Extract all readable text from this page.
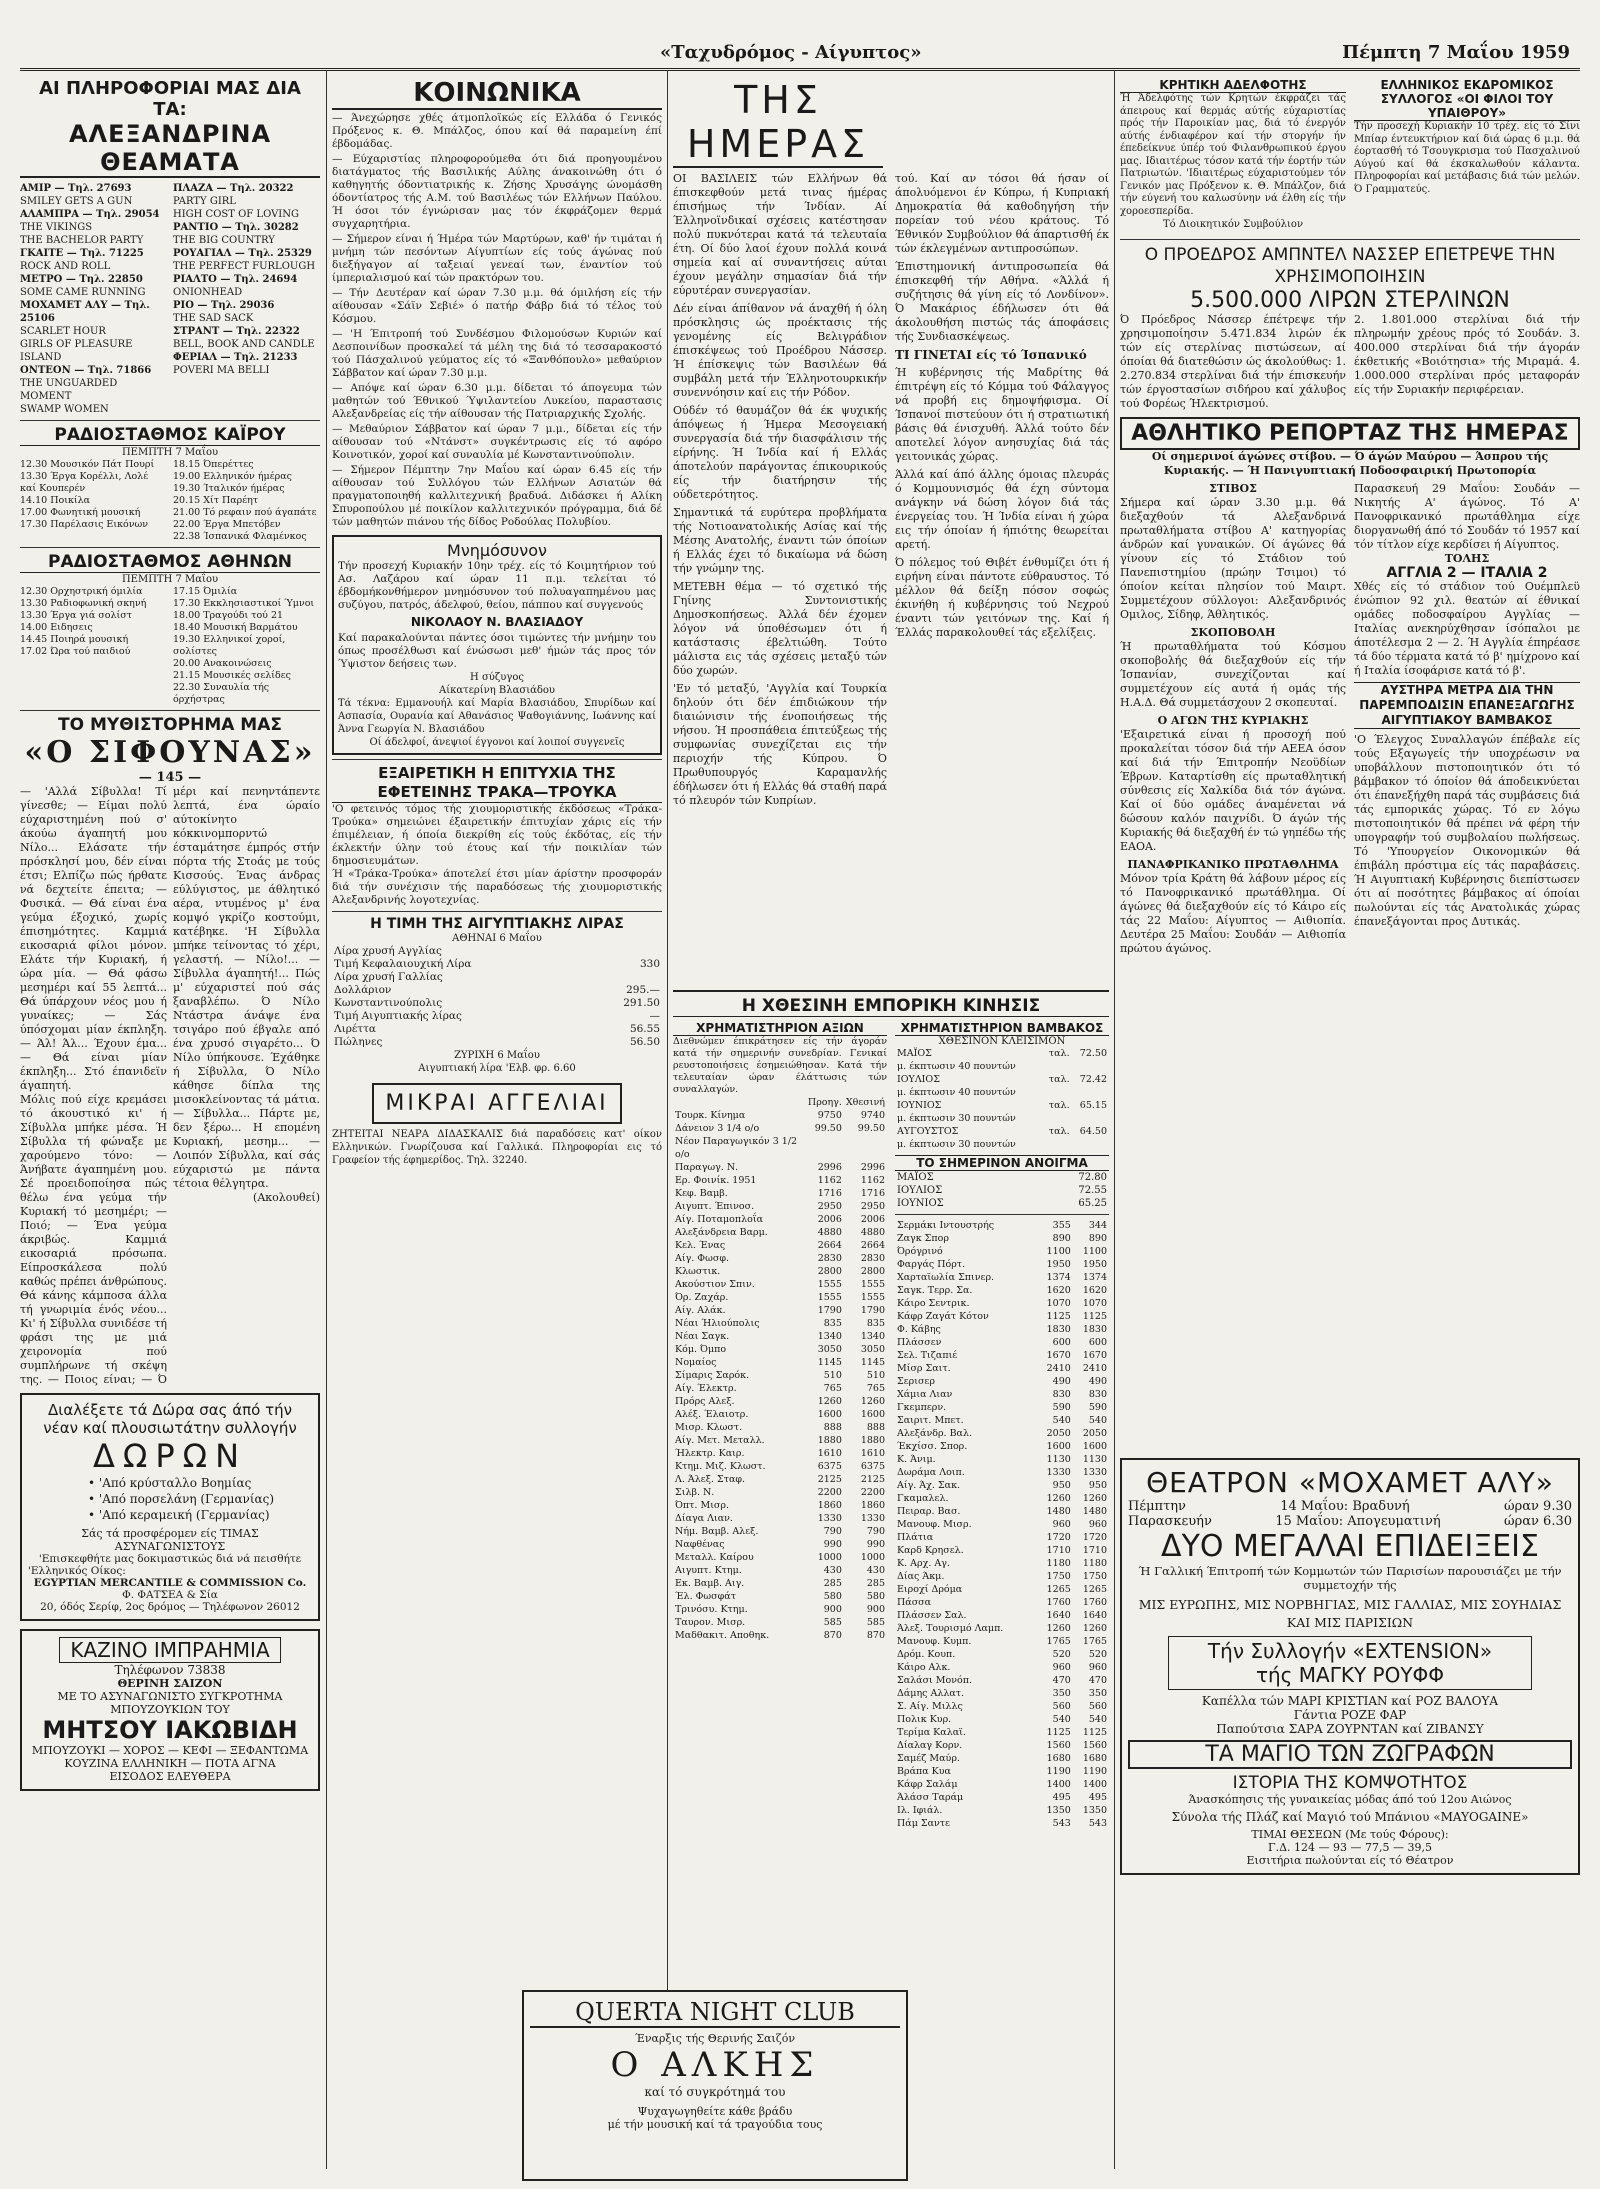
«Ταχυδρόμος - Αίγυπτος»	Πέμπτη 7 Μαΐου 1959
ΑΙ ΠΛΗΡΟΦΟΡΙΑΙ ΜΑΣ ΔΙΑ ΤΑ:
ΑΛΕΞΑΝΔΡΙΝΑ ΘΕΑΜΑΤΑ
ΑΜΙΡ — Τηλ. 27693
SMILEY GETS A GUN
ΑΛΑΜΠΡΑ — Τηλ. 29054
THE VIKINGS
THE BACHELOR PARTY
ΓΚΑΙΤΕ — Τηλ. 71225
ROCK AND ROLL
ΜΕΤΡΟ — Τηλ. 22850
SOME CAME RUNNING
ΜΟΧΑΜΕΤ ΑΛΥ — Τηλ. 25106
SCARLET HOUR
GIRLS OF PLEASURE ISLAND
ΟΝΤΕΟΝ — Τηλ. 71866
THE UNGUARDED MOMENT
SWAMP WOMEN
ΠΛΑΖΑ — Τηλ. 20322
PARTY GIRL
HIGH COST OF LOVING
ΡΑΝΤΙΟ — Τηλ. 30282
THE BIG COUNTRY
ΡΟΥΑΓΙΑΛ — Τηλ. 25329
THE PERFECT FURLOUGH
ΡΙΑΛΤΟ — Τηλ. 24694
ONIONHEAD
ΡΙΟ — Τηλ. 29036
THE SAD SACK
ΣΤΡΑΝΤ — Τηλ. 22322
BELL, BOOK AND CANDLE
ΦΕΡΙΑΛ — Τηλ. 21233
POVERI MA BELLI
ΡΑΔΙΟΣΤΑΘΜΟΣ ΚΑΪΡΟΥ
ΠΕΜΠΤΗ 7 Μαΐου
12.30 Μουσικόν Πάτ Πουρί
13.30 Έργα Κορέλλι, Λολέ καί Κουπερέν
14.10 Ποικίλα
17.00 Φωνητική μουσική
17.30 Παρέλασις Εικόνων
18.15 Όπερέττες
19.00 Ελληνικόν ήμέρας
19.30 Ίταλικόν ήμέρας
20.15 Χίτ Παρέητ
21.00 Τό ρεφαιν πού άγαπάτε
22.00 Έργα Μπετόβεν
22.38 Ίσπανικά Φλαμένκος
ΡΑΔΙΟΣΤΑΘΜΟΣ ΑΘΗΝΩΝ
ΠΕΜΠΤΗ 7 Μαΐου
12.30 Ορχηστρική όμιλία
13.30 Ραδιοφωνική σκηνή
13.30 Έργα γιά σολίστ
14.00 Ειδησεις
14.45 Ποιηρά μουσική
17.02 Ώρα τού παιδιού
17.15 Όμιλία
17.30 Εκκλησιαστικοί Ύμνοι
18.00 Τραγούδι τού 21
18.40 Μουσική Βαρμάτου
19.30 Ελληνικοί χοροί, σολίστες
20.00 Ανακοινώσεις
21.15 Μουσικές σελίδες
22.30 Συναυλία τής όρχήστρας
ΤΟ ΜΥΘΙΣΤΟΡΗΜΑ ΜΑΣ
«Ο ΣΙΦΟΥΝΑΣ»
— 145 —

— 'Αλλά Σίβυλλα! Τί γίνεσθε; — Είμαι πολύ εύχαριστημένη πού σ' άκούω άγαπητή μου Νίλο... Ελάσατε τήν πρόσκλησί μου, δέν είναι έτσι; Ελπίζω πώς ήρθατε νά δεχτείτε έπειτα; — Φυσικά. — Θά είναι ένα γεύμα έξοχικό, χωρίς έπισημότητες. Καμμιά εικοσαριά φίλοι μόνον. Ελάτε τήν Κυριακή, ή ώρα μία. — Θά φάσω μεσημέρι καί 55 λεπτά... Θά ύπάρχουν νέος μου ή γυναίκες; — Σάς ύπόσχομαι μίαν έκπληξη. — Άλ! Άλ... Έχουν έμα... — Θά είναι μίαν έκπληξη... Στό έπανιδεϊν άγαπητή.

Μόλις πού είχε κρεμάσει τό άκουστικό κι' ή Σίβυλλα μπήκε μέσα. Ή Σίβυλλα τή φώναξε με χαρούμενο τόνο: — Άνήβατε άγαπημένη μου. Σέ προειδοποίησα πώς θέλω ένα γεύμα τήν Κυριακή τό μεσημέρι; — Ποιό; — Ένα γεύμα άκριβώς. Καμμιά εικοσαριά πρόσωπα. Είπροσκάλεσα πολύ καθώς πρέπει άνθρώπους. Θά κάνης κάμποσα άλλα τή γνωριμία ένός νέου... Κι' ή Σίβυλλα συνιδέσε τή φράσι της με μιά χειρονομία πού συμπλήρωνε τή σκέψη της. — Ποιος είναι; — Ό

μέρι καί πενηντάπεντε λεπτά, ένα ώραίο αύτοκίνητο κόκκινομπορντώ έσταμάτησε έμπρός στήν πόρτα τής Στοάς με τούς Κισσούς. Ένας άνδρας εύλύγιστος, με άθλητικό αέρα, ντυμένος μ' ένα κομψό γκρίζο κοστούμι, κατέβηκε. 'Η Σίβυλλα μπήκε τείνοντας τό χέρι, γελαστή. — Νίλο!... — Σίβυλλα άγαπητή!... Πώς μ' εύχαριστεί πού σάς ξαναβλέπω. Ό Νίλο Ντάστρα άνάψε ένα τσιγάρο πού έβγαλε από ένα χρυσό σιγαρέτο... Ό Νίλο ύπήκουσε. Έχάθηκε ή Σίβυλλα, Ό Νίλο κάθησε δίπλα της μισοκλείνοντας τά μάτια. — Σίβυλλα... Πάρτε με, δεν ξέρω... Η επομένη Κυριακή, μεσημ... — Λοιπόν Σίβυλλα, καί σάς εύχαριστώ με πάντα τέτοια θέλγητρα.

(Ακολουθεί)

Διαλέξετε τά Δώρα σας άπό τήν
νέαν καί πλουσιωτάτην συλλογήν
ΔΩΡΩΝ
• 'Από κρύσταλλο Βοημίας
• 'Από πορσελάνη (Γερμανίας)
• 'Από κεραμεική (Γερμανίας)
Σάς τά προσφέρομεν είς ΤΙΜΑΣ ΑΣΥΝΑΓΩΝΙΣΤΟΥΣ
'Επισκεφθήτε μας δοκιμαστικώς διά νά πεισθήτε
'Ελληνικός Οίκος:
EGYPTIAN MERCANTILE & COMMISSION Co.
Φ. ΦΑΤΣΕΑ & Σία
20, όδός Σερίφ, 2ος δρόμος — Τηλέφωνον 26012
ΚΑΖΙΝΟ ΙΜΠΡΑΗΜΙΑ
Τηλέφωνον 73838
ΘΕΡΙΝΗ ΣΑΙΖΟΝ
ΜΕ ΤΟ ΑΣΥΝΑΓΩΝΙΣΤΟ ΣΥΓΚΡΟΤΗΜΑ ΜΠΟΥΖΟΥΚΙΩΝ ΤΟΥ
ΜΗΤΣΟΥ ΙΑΚΩΒΙΔΗ
ΜΠΟΥΖΟΥΚΙ — ΧΟΡΟΣ — ΚΕΦΙ — ΞΕΦΑΝΤΩΜΑ
ΚΟΥΖΙΝΑ ΕΛΛΗΝΙΚΗ — ΠΟΤΑ ΑΓΝΑ
ΕΙΣΟΔΟΣ ΕΛΕΥΘΕΡΑ
ΚΟΙΝΩΝΙΚΑ

— Άνεχώρησε χθές άτμοπλοϊκώς είς Ελλάδα ό Γενικός Πρόξενος κ. Θ. Μπάλζος, όπου καί θά παραμείνη έπί έβδομάδας.

— Εύχαριστίας πληροφορούμεθα ότι διά προηγουμένου διατάγματος τής Βασιλικής Αύλης άνακοινώθη ότι ό καθηγητής όδοντιατρικής κ. Ζήσης Χρυσάγης ώνομάσθη όδοντίατρος τής Α.Μ. τού Βασιλέως τών Ελλήνων Παύλου. Ή όσοι τόν έγνώρισαν μας τόν έκφράζομεν θερμά συγχαρητήρια.

— Σήμερον είναι ή Ήμέρα τών Μαρτύρων, καθ' ήν τιμάται ή μνήμη τών πεσόντων Αίγυπτίων είς τούς άγώνας πού διεξήγαγον αί ταξειαί γενεαί των, έναντίον τού ίμπεριαλισμού καί τών πρακτόρων του.

— Τήν Δευτέραν καί ώραν 7.30 μ.μ. θά όμιλήση είς τήν αίθουσαν «Σάϊν Σεβιέ» ό πατήρ Φάβρ διά τό τέλος τού Κόσμου.

— 'Η Έπιτροπή τού Συνδέσμου Φιλομούσων Κυριών καί Δεσποινίδων προσκαλεί τά μέλη της διά τό τεσσαρακοστό τού Πάσχαλινού γεύματος είς τό «Ξανθόπουλο» μεθαύριον Σάββατον καί ώραν 7.30 μ.μ.

— Απόψε καί ώραν 6.30 μ.μ. δίδεται τό άπογευμα τών μαθητών τού Έθνικού Ύψιλαντείου Λυκείου, παραστασις Αλεξανδρείας είς τήν αίθουσαν τής Πατριαρχικής Σχολής.

— Μεθαύριον Σάββατον καί ώραν 7 μ.μ., δίδεται είς τήν αίθουσαν τού «Ντάνστ» συγκέντρωσις είς τό αφόρο Κοινοτικόν, χοροί καί συναυλία μέ Κωνσταντινούπολιν.

— Σήμερον Πέμπτην 7ην Μαΐου καί ώραν 6.45 είς τήν αίθουσαν τού Συλλόγου τών Ελλήνων Ασιατών θά πραγματοποιηθή καλλιτεχνική βραδυά. Διδάσκει ή Αλίκη Σπυροπούλου μέ ποικίλον καλλιτεχνικόν πρόγραμμα, διά δέ τών μαθητών πιάνου τής δίδος Ροδούλας Πολυβίου.

Μνημόσυνον
Τήν προσεχή Κυριακήν 10ην τρέχ. είς τό Κοιμητήριον τού Ασ. Λαζάρου καί ώραν 11 π.μ. τελείται τό έβδομήκονθήμερον μνημόσυνον τού πολυαγαπημένου μας συζύγου, πατρός, άδελφού, θείου, πάππου καί συγγενούς
ΝΙΚΟΛΑΟΥ Ν. ΒΛΑΣΙΑΔΟΥ
Καί παρακαλούνται πάντες όσοι τιμώντες τήν μνήμην του όπως προσέλθωσι καί ένώσωσι μεθ' ήμών τάς προς τόν Ύψιστον δεήσεις των.
Η σύζυγος
Αίκατερίνη Βλασιάδου
Τά τέκνα: Εμμανουήλ καί Μαρία Βλασιάδου, Σπυρίδων καί Ασπασία, Ουρανία καί Αθανάσιος Ψαθογιάννης, Ιωάννης καί Άννα Γεωργία Ν. Βλασιάδου
Οί άδελφοί, άνεψιοί έγγονοι καί λοιποί συγγενεῖς
ΕΞΑΙΡΕΤΙΚΗ Η ΕΠΙΤΥΧΙΑ ΤΗΣ ΕΦΕΤΕΙΝΗΣ ΤΡΑΚΑ—ΤΡΟΥΚΑ
'Ο φετεινός τόμος τής χιουμοριστικής έκδόσεως «Τράκα-Τρούκα» σημειώνει έξαιρετικήν έπιτυχίαν χάρις είς τήν έπιμέλειαν, ή όποία διεκρίθη είς τούς έκδότας, είς τήν έκλεκτήν ύλην τού έτους καί τήν ποικιλίαν τών δημοσιευμάτων.
Ή «Τράκα-Τρούκα» άποτελεί έτσι μίαν άρίστην προσφοράν διά τήν συνέχισιν τής παραδόσεως τής χιουμοριστικής Αλεξανδρινής λογοτεχνίας.
Η ΤΙΜΗ ΤΗΣ ΑΙΓΥΠΤΙΑΚΗΣ ΛΙΡΑΣ
ΑΘΗΝΑΙ 6 Μαΐου
Λίρα χρυσή Αγγλίας	
Τιμή Κεφαλαιουχική Λίρα	330
Λίρα χρυσή Γαλλίας	
Δολλάριον	295.—
Κωνσταντινούπολις	291.50
Τιμή Αιγυπτιακής λίρας	—
Λιρέττα	56.55
Πώληνες	56.50
ΖΥΡΙΧΗ 6 Μαΐου
Αιγυπτιακή λίρα 'Ελβ. φρ. 6.60
ΜΙΚΡΑΙ ΑΓΓΕΛΙΑΙ
ΖΗΤΕΙΤΑΙ ΝΕΑΡΑ ΔΙΔΑΣΚΑΛΙΣ διά παραδόσεις κατ' οίκον Ελληνικών. Γνωρίζουσα καί Γαλλικά. Πληροφορίαι εις τό Γραφείον τής έφημερίδος. Τηλ. 32240.
ΤΗΣ ΗΜΕΡΑΣ

ΟΙ ΒΑΣΙΛΕΙΣ τών Ελλήνων θά έπισκεφθούν μετά τινας ήμέρας έπισήμως τήν Ίνδίαν. Αί Έλληνοϊνδικαί σχέσεις κατέστησαν πολύ πυκνότεραι κατά τά τελευταία έτη. Οί δύο λαοί έχουν πολλά κοινά σημεία καί αί συναντήσεις αύται έχουν μεγάλην σημασίαν διά τήν εύρυτέραν συνεργασίαν.

Δέν είναι άπίθανον νά άναχθή ή όλη πρόσκλησις ώς προέκτασις τής γενομένης είς Βελιγράδιον έπισκέψεως τού Προέδρου Νάσσερ. Ή έπίσκεψις τών Βασιλέων θά συμβάλη μετά τήν Έλληνοτουρκικήν συνεννόησιν καί εις τήν Ρόδον.

Ούδέν τό θαυμάζον θά έκ ψυχικής άπόψεως ή Ήμερα Μεσογειακή συνεργασία διά τήν διασφάλισιν τής είρήνης. Ή Ίνδία καί ή Ελλάς άποτελούν παράγοντας έπικουρικούς είς τήν διατήρησιν τής ούδετερότητος.

Σημαντικά τά ευρύτερα προβλήματα τής Νοτιοανατολικής Ασίας καί τής Μέσης Ανατολής, έναντι τών όποίων ή Ελλάς έχει τό δικαίωμα νά δώση τήν γνώμην της.

ΜΕΤΕΒΗ θέμα — τό σχετικό τής Γηίνης Συντονιστικής Δημοσκοπήσεως. Άλλά δέν έχομεν λόγον νά ύποθέσωμεν ότι ή κατάστασις έβελτιώθη. Τούτο μάλιστα εις τάς σχέσεις μεταξύ τών δύο χωρών.

'Εν τό μεταξύ, 'Αγγλία καί Τουρκία δηλούν ότι δέν έπιδιώκουν τήν διαιώνισιν τής ένοποιήσεως τής νήσου. Ή προσπάθεια έπιτεύξεως τής συμφωνίας συνεχίζεται εις τήν περιοχήν τής Κύπρου. Ό Πρωθυπουργός Καραμανλής έδήλωσεν ότι ή Ελλάς θά σταθή παρά τό πλευρόν τών Κυπρίων.

τού. Καί αν τόσοι θά ήσαν οί άπολυόμενοι έν Κύπρω, ή Κυπριακή Δημοκρατία θά καθοδηγήση τήν πορείαν τού νέου κράτους. Τό Έθνικόν Συμβούλιον θά άπαρτισθή έκ τών έκλεγμένων αντιπροσώπων.

Έπιστημονική άντιπροσωπεία θά έπισκεφθή τήν Αθήνα. «Άλλά ή συζήτησις θά γίνη είς τό Λονδίνον». Ό Μακάριος έδήλωσεν ότι θά άκολουθήση πιστώς τάς άποφάσεις τής Συνδιασκέψεως.

ΤΙ ΓΙΝΕΤΑΙ είς τό Ίσπανικό

Ή κυβέρνησις τής Μαδρίτης θά έπιτρέψη είς τό Κόμμα τού Φάλαγγος νά προβή εις δημοψήφισμα. Οί Ίσπανοί πιστεύουν ότι ή στρατιωτική βάσις θά ένισχυθή. Άλλά τούτο δέν αποτελεί λόγον ανησυχίας διά τάς γειτονικάς χώρας.

Άλλά καί άπό άλλης όμοιας πλευράς ό Κομμουνισμός θά έχη σύντομα ανάγκην νά δώση λόγον διά τάς ένεργείας του. Ή Ίνδία είναι ή χώρα εις τήν όποίαν ή ήπιότης θεωρείται αρετή.

Ό πόλεμος τού Θιβέτ ένθυμίζει ότι ή ειρήνη είναι πάντοτε εύθραυστος. Τό μέλλον θά δείξη πόσον σοφώς έκινήθη ή κυβέρνησις τού Νεχρού έναντι τών γειτόνων της. Καί ή Έλλάς παρακολουθεί τάς εξελίξεις.

Η ΧΘΕΣΙΝΗ ΕΜΠΟΡΙΚΗ ΚΙΝΗΣΙΣ
ΧΡΗΜΑΤΙΣΤΗΡΙΟΝ ΑΞΙΩΝ
Διεθνώμεν έπικράτησεν είς τήν άγοράν κατά τήν σημερινήν συνεδρίαν. Γενικαί ρευστοποιήσεις έσημειώθησαν. Κατά τήν τελευταίαν ώραν έλάττωσις τών συναλλαγών.
	Προηγ.	Χθεσινή
Τουρκ. Κίνημα	9750	9740
Δάνειον 3 1/4 ο/ο	99.50	99.50
Νέον Παραγωγικόν 3 1/2 ο/ο		
Παραγωγ. Ν.	2996	2996
Ερ. Φοινίκ. 1951	1162	1162
Κεφ. Βαμβ.	1716	1716
Αιγυπτ. Έπινοσ.	2950	2950
Αίγ. Ποταμοπλοΐα	2006	2006
Αλεξάνδρεια Βαρμ.	4880	4880
Κελ. Ένας	2664	2664
Αίγ. Φωσφ.	2830	2830
Κλωστικ.	2800	2800
Ακούστιον Σπιν.	1555	1555
Όρ. Ζαχάρ.	1555	1555
Αίγ. Αλάκ.	1790	1790
Νέαι Ήλιούπολις	835	835
Νέαι Σαγκ.	1340	1340
Κόμ. Όμπο	3050	3050
Νομαίος	1145	1145
Σίμαρις Σαρόκ.	510	510
Αίγ. Έλεκτρ.	765	765
Πρόρς Αλεξ.	1260	1260
Αλέξ. Έλαιοτρ.	1600	1600
Μισρ. Κλωστ.	888	888
Αίγ. Μετ. Μεταλλ.	1880	1880
Ήλεκτρ. Καιρ.	1610	1610
Κτημ. Μιζ. Κλωστ.	6375	6375
Λ. Άλεξ. Σταφ.	2125	2125
Σιλβ. Ν.	2200	2200
Όπτ. Μισρ.	1860	1860
Δίαγα Λιαν.	1330	1330
Νήμ. Βαμβ. Αλεξ.	790	790
Ναφθένας	990	990
Μεταλλ. Καίρου	1000	1000
Αιγυπτ. Κτημ.	430	430
Εκ. Βαμβ. Αιγ.	285	285
Έλ. Φωσφάτ	580	580
Τρινόσυ. Κτημ.	900	900
Ταυρον. Μισρ.	585	585
Μαδθακιτ. Αποθηκ.	870	870
ΧΡΗΜΑΤΙΣΤΗΡΙΟΝ ΒΑΜΒΑΚΟΣ
ΧΘΕΣΙΝΟΝ ΚΛΕΙΣΙΜΟΝ
ΜΑΪΟΣ	ταλ.	72.50
μ. έκπτωσιν 40 πουντών		
ΙΟΥΛΙΟΣ	ταλ.	72.42
μ. έκπτωσιν 40 πουντών		
ΙΟΥΝΙΟΣ	ταλ.	65.15
μ. έκπτωσιν 30 πουντών		
ΑΥΓΟΥΣΤΟΣ	ταλ.	64.50
μ. έκπτωσιν 30 πουντών		
ΤΟ ΣΗΜΕΡΙΝΟΝ ΑΝΟΙΓΜΑ
ΜΑΪΟΣ	72.80
ΙΟΥΛΙΟΣ	72.55
ΙΟΥΝΙΟΣ	65.25
Σερμάκι Ιντουστρής	355	344
Ζαγκ Σπορ	890	890
Όρόγρινό	1100	1100
Φαργάς Πόρτ.	1950	1950
Χαρταϊωλία Σπινερ.	1374	1374
Σαγκ. Τερρ. Σα.	1620	1620
Κάιρο Σεντρικ.	1070	1070
Κάφρ Ζαγάτ Κότον	1125	1125
Φ. Κάβης	1830	1830
Πλάσσεν	600	600
Σελ. Τιζαπιέ	1670	1670
Μίσρ Σαιτ.	2410	2410
Σερισερ	490	490
Χάμια Λιαν	830	830
Γκεμπερν.	590	590
Σαιριτ. Μπετ.	540	540
Αλεξάνδρ. Βαλ.	2050	2050
Έκχίσσ. Σπορ.	1600	1600
Κ. Άνιμ.	1130	1130
Δωράμα Λοιπ.	1330	1330
Αίγ. Άχ. Σακ.	950	950
Γκαμαλελ.	1260	1260
Πειραρ. Βασ.	1480	1480
Μανουφ. Μισρ.	960	960
Πλάτια	1720	1720
Καρδ Κρησελ.	1710	1710
Κ. Αρχ. Αγ.	1180	1180
Δίας Άκμ.	1750	1750
Ειροχί Δρόμα	1265	1265
Πάσσα	1760	1760
Πλάσσεν Σαλ.	1640	1640
Άλεξ. Τουρισμό Λαμπ.	1260	1260
Μανουφ. Κυμπ.	1765	1765
Δρόμ. Κουπ.	520	520
Κάιρο Αλκ.	960	960
Σαλάσι Μονόπ.	470	470
Δάμης Αλλατ.	350	350
Σ. Αίγ. Μιλλς	560	560
Πολικ Κυρ.	540	540
Τερίμα Καλαϊ.	1125	1125
Δίαλαγ Κορν.	1560	1560
Σαμέζ Μαύρ.	1680	1680
Βράπα Κυα	1190	1190
Κάφρ Σαλάμ	1400	1400
Άλάσσ Ταράμ	495	495
Ιλ. Ιφιάλ.	1350	1350
Πάμ Σαντε	543	543
QUERTA NIGHT CLUB
Έναρξις τής Θερινής Σαιζόν
Ο ΑΛΚΗΣ
καί τό συγκρότημά του
Ψυχαγωγηθείτε κάθε βράδυ
μέ τήν μουσική καί τά τραγούδια τους
ΚΡΗΤΙΚΗ ΑΔΕΛΦΟΤΗΣ
Ή Άδελφότης τών Κρητών έκφράζει τάς άπειρους καί θερμάς αύτής εύχαριστίας πρός τήν Παροικίαν μας, διά τό ένεργόν αύτής ένδιαφέρον καί τήν στοργήν ήν έπεδείκνυε ύπέρ τού Φιλανθρωπικού έργου μας. Ιδιαιτέρως τόσον κατά τήν έορτήν τών Πατριωτών. 'Ιδιαιτέρως εύχαριστούμεν τόν Γενικόν μας Πρόξενον κ. Θ. Μπάλζον, διά τήν εύγενή του καλωσύνην νά έλθη είς τήν χοροεσπερίδα.
Τό Διοικητικόν Συμβούλιον
ΕΛΛΗΝΙΚΟΣ ΕΚΔΡΟΜΙΚΟΣ ΣΥΛΛΟΓΟΣ «ΟΙ ΦΙΛΟΙ ΤΟΥ ΥΠΑΙΘΡΟΥ»
Τήν προσεχή Κυριακήν 10 τρέχ. είς τό Σίνι Μπίαρ έντευκτήριον καί διά ώρας 6 μ.μ. θά έορτασθή τό Τσουγκρισμα τού Πασχαλινού Αύγού καί θά έκσκαλωθούν κάλαντα. Πληροφορίαι καί μετάβασις διά τών μελών. Ό Γραμματεύς.
Ο ΠΡΟΕΔΡΟΣ ΑΜΠΝΤΕΛ ΝΑΣΣΕΡ ΕΠΕΤΡΕΨΕ ΤΗΝ ΧΡΗΣΙΜΟΠΟΙΗΣΙΝ
5.500.000 ΛΙΡΩΝ ΣΤΕΡΛΙΝΩΝ
Ό Πρόεδρος Νάσσερ έπέτρεψε τήν χρησιμοποίησιν 5.471.834 λιρών έκ τών είς στερλίνας πιστώσεων, αί όποίαι θά διατεθώσιν ώς άκολούθως: 1. 2.270.834 στερλίναι διά τήν έπισκευήν τών έργοστασίων σιδήρου καί χάλυβος τού Φορέως Ήλεκτρισμού.
2. 1.801.000 στερλίναι διά τήν πληρωμήν χρέους πρός τό Σουδάν. 3. 400.000 στερλίναι διά τήν άγοράν έκθετικής «Βοιότησια» τής Μιραμά. 4. 1.000.000 στερλίναι πρός μεταφοράν είς τήν Συριακήν περιφέρειαν.
ΑΘΛΗΤΙΚΟ ΡΕΠΟΡΤΑΖ ΤΗΣ ΗΜΕΡΑΣ
Οί σημερινοί άγώνες στίβου. — Ό άγών Μαύρου — Άσπρου τής Κυριακής. — Ή Πανιγυπτιακή Ποδοσφαιρική Πρωτοπορία
ΣΤΙΒΟΣ

Σήμερα καί ώραν 3.30 μ.μ. θά διεξαχθούν τά Αλεξανδρινά πρωταθλήματα στίβου Α' κατηγορίας άνδρών καί γυναικών. Οί άγώνες θά γίνουν είς τό Στάδιον τού Πανεπιστημίου (πρώην Τσιμοι) τό όποίον κείται πλησίον τού Μαιρτ. Συμμετέχουν σύλλογοι: Αλεξανδρινός Ομιλος, Σίδηφ, Άθλητικός.

ΣΚΟΠΟΒΟΛΗ

Ή πρωταθλήματα τού Κόσμου σκοποβολής θά διεξαχθούν είς τήν Ίσπανίαν, συνεχίζονται καί συμμετέχουν είς αυτά ή ομάς τής Η.Α.Δ. Θά συμμετάσχουν 2 σκοπευταί.

Ο ΑΓΩΝ ΤΗΣ ΚΥΡΙΑΚΗΣ

'Εξαιρετικά είναι ή προσοχή πού προκαλείται τόσον διά τήν ΑΕΕΑ όσον καί διά τήν Έπιτροπήν Νεοϋδίων Έβρων. Καταρτίσθη είς πρωταθλητική σύνθεσις είς Χαλκίδα διά τόν άγώνα. Καί οί δύο ομάδες άναμένεται νά δώσουν καλόν παιχνίδι. Ό άγών τής Κυριακής θά διεξαχθή έν τώ γηπέδω τής ΕΑΟΑ.

ΠΑΝΑΦΡΙΚΑΝΙΚΟ ΠΡΩΤΑΘΛΗΜΑ

Μόνον τρία Κράτη θά λάβουν μέρος είς τό Πανοφρικανικό πρωτάθλημα. Οί άγώνες θά διεξαχθούν είς τό Κάιρο είς τάς 22 Μαΐου: Αίγυπτος — Αιθιοπία. Δευτέρα 25 Μαΐου: Σουδάν — Αιθιοπία πρώτου άγώνος.

Παρασκευή 29 Μαΐου: Σουδάν — Νικητής Α' άγώνος. Τό Α' Πανοφρικανικό πρωτάθλημα είχε διοργανωθή άπό τό Σουδάν τό 1957 καί τόν τίτλον είχε κερδίσει ή Αίγυπτος.

ΤΟΛΗΣ
ΑΓΓΛΙΑ 2 — ΙΤΑΛΙΑ 2

Χθές είς τό στάδιον τού Ουέμπλεϋ ένώπιον 92 χιλ. θεατών αί έθνικαί ομάδες ποδοσφαίρου Αγγλίας — Ιταλίας ανεκηρύχθησαν ίσόπαλοι με άποτέλεσμα 2 — 2. Ή Αγγλία έπηρέασε τά δύο τέρματα κατά τό β' ημίχρονο καί ή Ιταλία ίσοφάρισε κατά τό β'.

ΑΥΣΤΗΡΑ ΜΕΤΡΑ ΔΙΑ ΤΗΝ ΠΑΡΕΜΠΟΔΙΣΙΝ ΕΠΑΝΕΞΑΓΩΓΗΣ ΑΙΓΥΠΤΙΑΚΟΥ ΒΑΜΒΑΚΟΣ

'Ο Έλεγχος Συναλλαγών έπέβαλε είς τούς Εξαγωγείς τήν υποχρέωσιν να υποβάλλουν πιστοποιητικόν ότι τό βάμβακον τό όποίον θά άποδεικνύεται ότι έπανεξήχθη παρά τάς συμβάσεις διά τάς εμπορικάς χώρας. Τό εν λόγω πιστοποιητικόν θά πρέπει νά φέρη τήν υπογραφήν τού συμβολαίου πωλήσεως. Τό 'Υπουργείον Οικονομικών θά έπιβάλη πρόστιμα είς τάς παραβάσεις. Ή Αιγυπτιακή Κυβέρνησις διεπίστωσεν ότι αί ποσότητες βάμβακος αί όποίαι πωλούνται είς τάς Ανατολικάς χώρας έπανεξάγονται προς Δυτικάς.

ΘΕΑΤΡΟΝ «ΜΟΧΑΜΕΤ ΑΛΥ»
Πέμπτην	14 Μαΐου: Βραδυνή	ώραν 9.30
Παρασκευήν	15 Μαΐου: Απογευματινή	ώραν 6.30
ΔΥΟ ΜΕΓΑΛΑΙ ΕΠΙΔΕΙΞΕΙΣ
Ή Γαλλική Έπιτροπή τών Κομμωτών τών Παρισίων παρουσιάζει με τήν συμμετοχήν τής
ΜΙΣ ΕΥΡΩΠΗΣ, ΜΙΣ ΝΟΡΒΗΓΙΑΣ, ΜΙΣ ΓΑΛΛΙΑΣ, ΜΙΣ ΣΟΥΗΔΙΑΣ ΚΑΙ ΜΙΣ ΠΑΡΙΣΙΩΝ
Τήν Συλλογήν «EXTENSION»
τής ΜΑΓΚΥ ΡΟΥΦΦ
Καπέλλα τών ΜΑΡΙ ΚΡΙΣΤΙΑΝ καί ΡΟΖ ΒΑΛΟΥΑ
Γάντια ΡΟΖΕ ΦΑΡ
Παπούτσια ΣΑΡΑ ΖΟΥΡΝΤΑΝ καί ΖΙΒΑΝΣΥ
ΤΑ ΜΑΓΙΟ ΤΩΝ ΖΩΓΡΑΦΩΝ
ΙΣΤΟΡΙΑ ΤΗΣ ΚΟΜΨΟΤΗΤΟΣ
Άνασκόπησις τής γυναικείας μόδας άπό τού 12ου Αιώνος
Σύνολα τής Πλάζ καί Μαγιό τού Μπάνιου «MAYOGAINE»
ΤΙΜΑΙ ΘΕΣΕΩΝ (Με τούς Φόρους):
Γ.Δ. 124 — 93 — 77,5 — 39,5
Εισιτήρια πωλούνται είς τό Θέατρον
